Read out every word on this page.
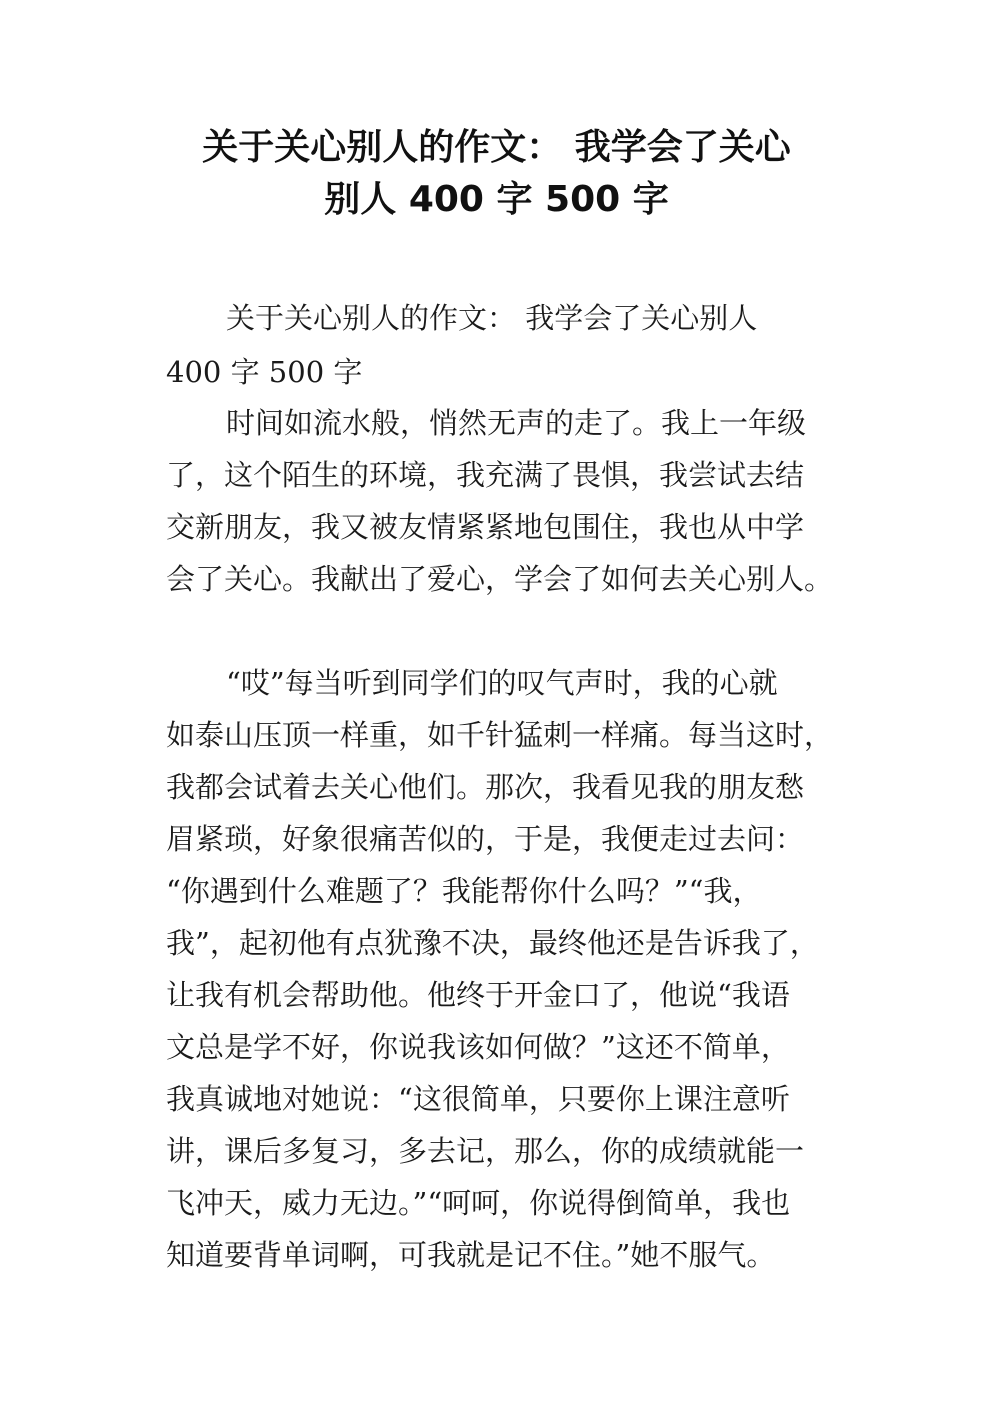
关于关心别人的作文： 我学会了关心
别人 400 字 500 字

关于关心别人的作文： 我学会了关心别人

400 字 500 字

时间如流水般，悄然无声的走了。我上一年级

了，这个陌生的环境，我充满了畏惧，我尝试去结

交新朋友，我又被友情紧紧地包围住，我也从中学

会了关心。我献出了爱心，学会了如何去关心别人。

“哎”每当听到同学们的叹气声时，我的心就

如泰山压顶一样重，如千针猛刺一样痛。每当这时，

我都会试着去关心他们。那次，我看见我的朋友愁

眉紧琐，好象很痛苦似的，于是，我便走过去问：

“你遇到什么难题了？我能帮你什么吗？”“我，

我”，起初他有点犹豫不决，最终他还是告诉我了，

让我有机会帮助他。他终于开金口了，他说“我语

文总是学不好，你说我该如何做？”这还不简单，

我真诚地对她说：“这很简单，只要你上课注意听

讲，课后多复习，多去记，那么，你的成绩就能一

飞冲天，威力无边。”“呵呵，你说得倒简单，我也

知道要背单词啊，可我就是记不住。”她不服气。
